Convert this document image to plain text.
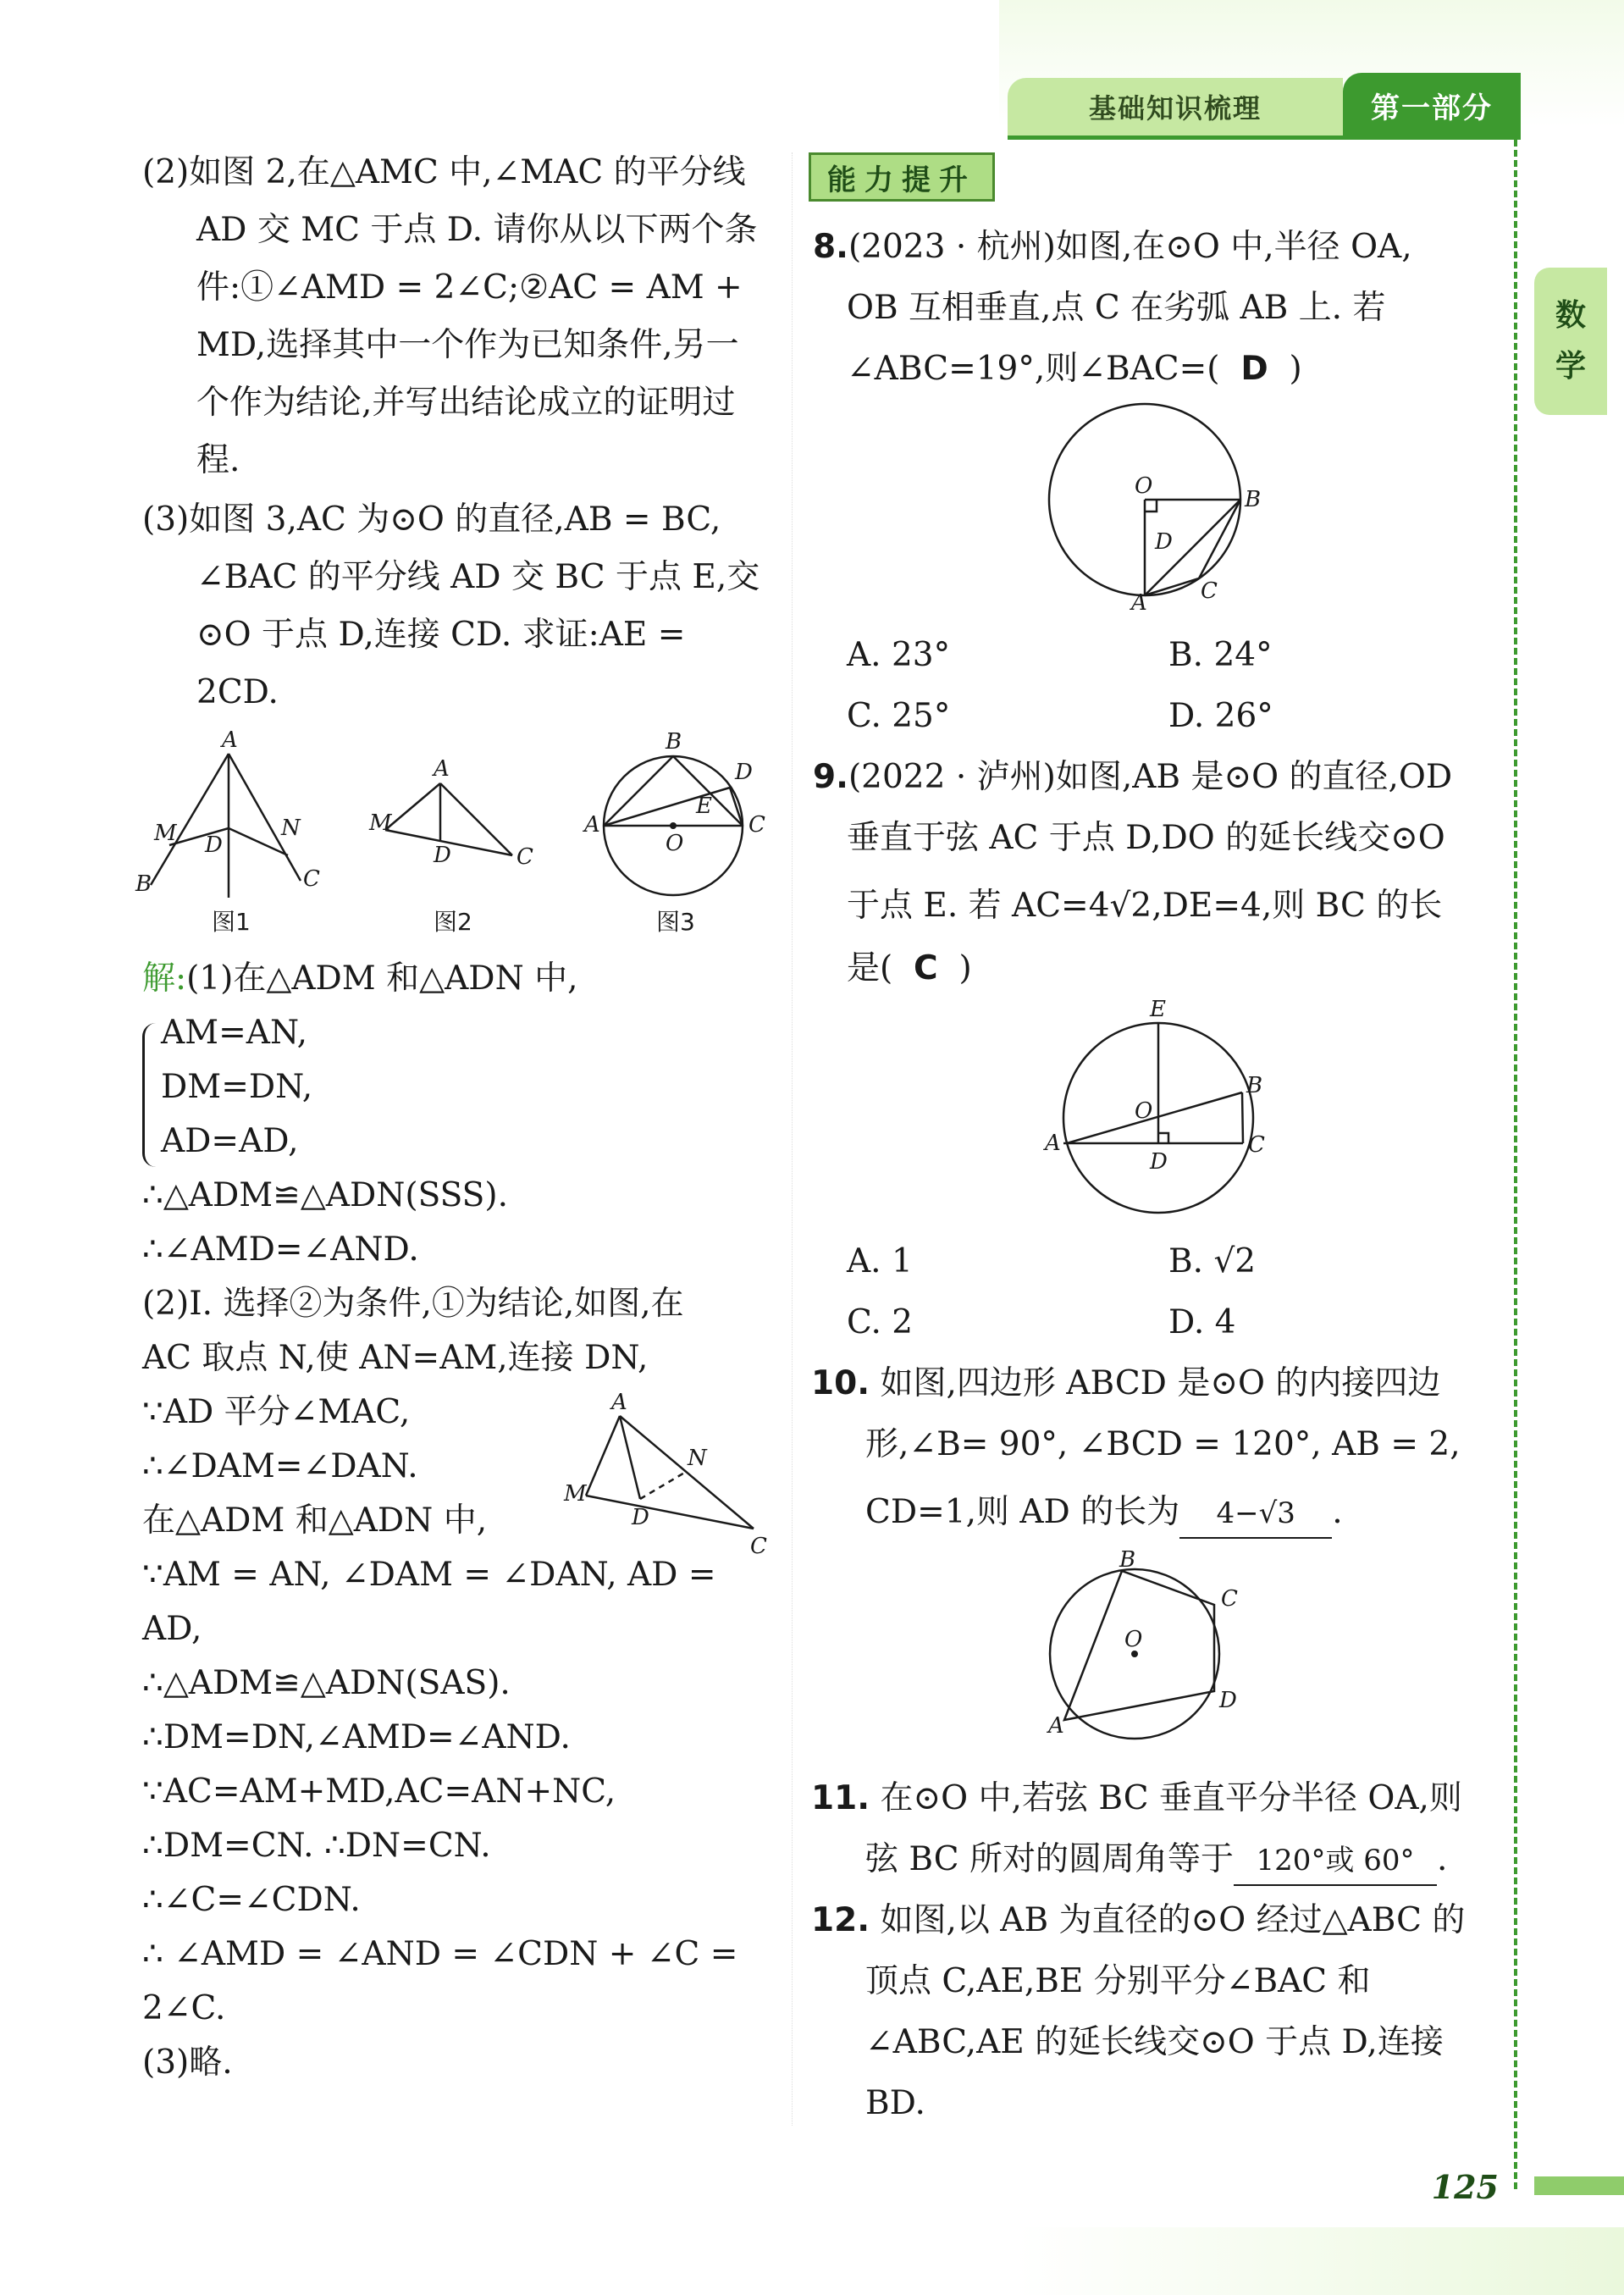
基础知识梳理	第一部分
数
学
125
(2)如图 2,在△AMC 中,∠MAC 的平分线
AD 交 MC 于点 D. 请你从以下两个条
件:①∠AMD = 2∠C;②AC = AM +
MD,选择其中一个作为已知条件,另一
个作为结论,并写出结论成立的证明过
程.
(3)如图 3,AC 为⊙O 的直径,AB = BC,
∠BAC 的平分线 AD 交 BC 于点 E,交
⊙O 于点 D,连接 CD. 求证:AE =
2CD.
A
M	N
D
B	C
图1
A
M
D	C
图2
B
D
E
A
O
C
图3
解:(1)在△ADM 和△ADN 中,
AM=AN,
DM=DN,
AD=AD,
∴△ADM≌△ADN(SSS).
∴∠AMD=∠AND.
(2)Ⅰ. 选择②为条件,①为结论,如图,在
AC 取点 N,使 AN=AM,连接 DN,
∵AD 平分∠MAC,
∴∠DAM=∠DAN.
在△ADM 和△ADN 中,
∵AM = AN, ∠DAM = ∠DAN, AD =
AD,
∴△ADM≌△ADN(SAS).
∴DM=DN,∠AMD=∠AND.
∵AC=AM+MD,AC=AN+NC,
∴DM=CN. ∴DN=CN.
∴∠C=∠CDN.
∴ ∠AMD = ∠AND = ∠CDN + ∠C =
2∠C.
(3)略.
A
N
M
D
C
能力提升
8.(2023 · 杭州)如图,在⊙O 中,半径 OA,
OB 互相垂直,点 C 在劣弧 AB 上. 若
∠ABC=19°,则∠BAC=( D )
O
B
D
A C
A. 23°	B. 24°
C. 25°	D. 26°
9.(2022 · 泸州)如图,AB 是⊙O 的直径,OD
垂直于弦 AC 于点 D,DO 的延长线交⊙O
于点 E. 若 AC=4√2,DE=4,则 BC 的长
是( C )
E
B
O
A
D
C
A. 1	B. √2
C. 2	D. 4
10. 如图,四边形 ABCD 是⊙O 的内接四边
形,∠B= 90°, ∠BCD = 120°, AB = 2,
CD=1,则 AD 的长为 4−√3 .
B
C
O
D
A
11. 在⊙O 中,若弦 BC 垂直平分半径 OA,则
弦 BC 所对的圆周角等于 120°或 60° .
12. 如图,以 AB 为直径的⊙O 经过△ABC 的
顶点 C,AE,BE 分别平分∠BAC 和
∠ABC,AE 的延长线交⊙O 于点 D,连接
BD.
